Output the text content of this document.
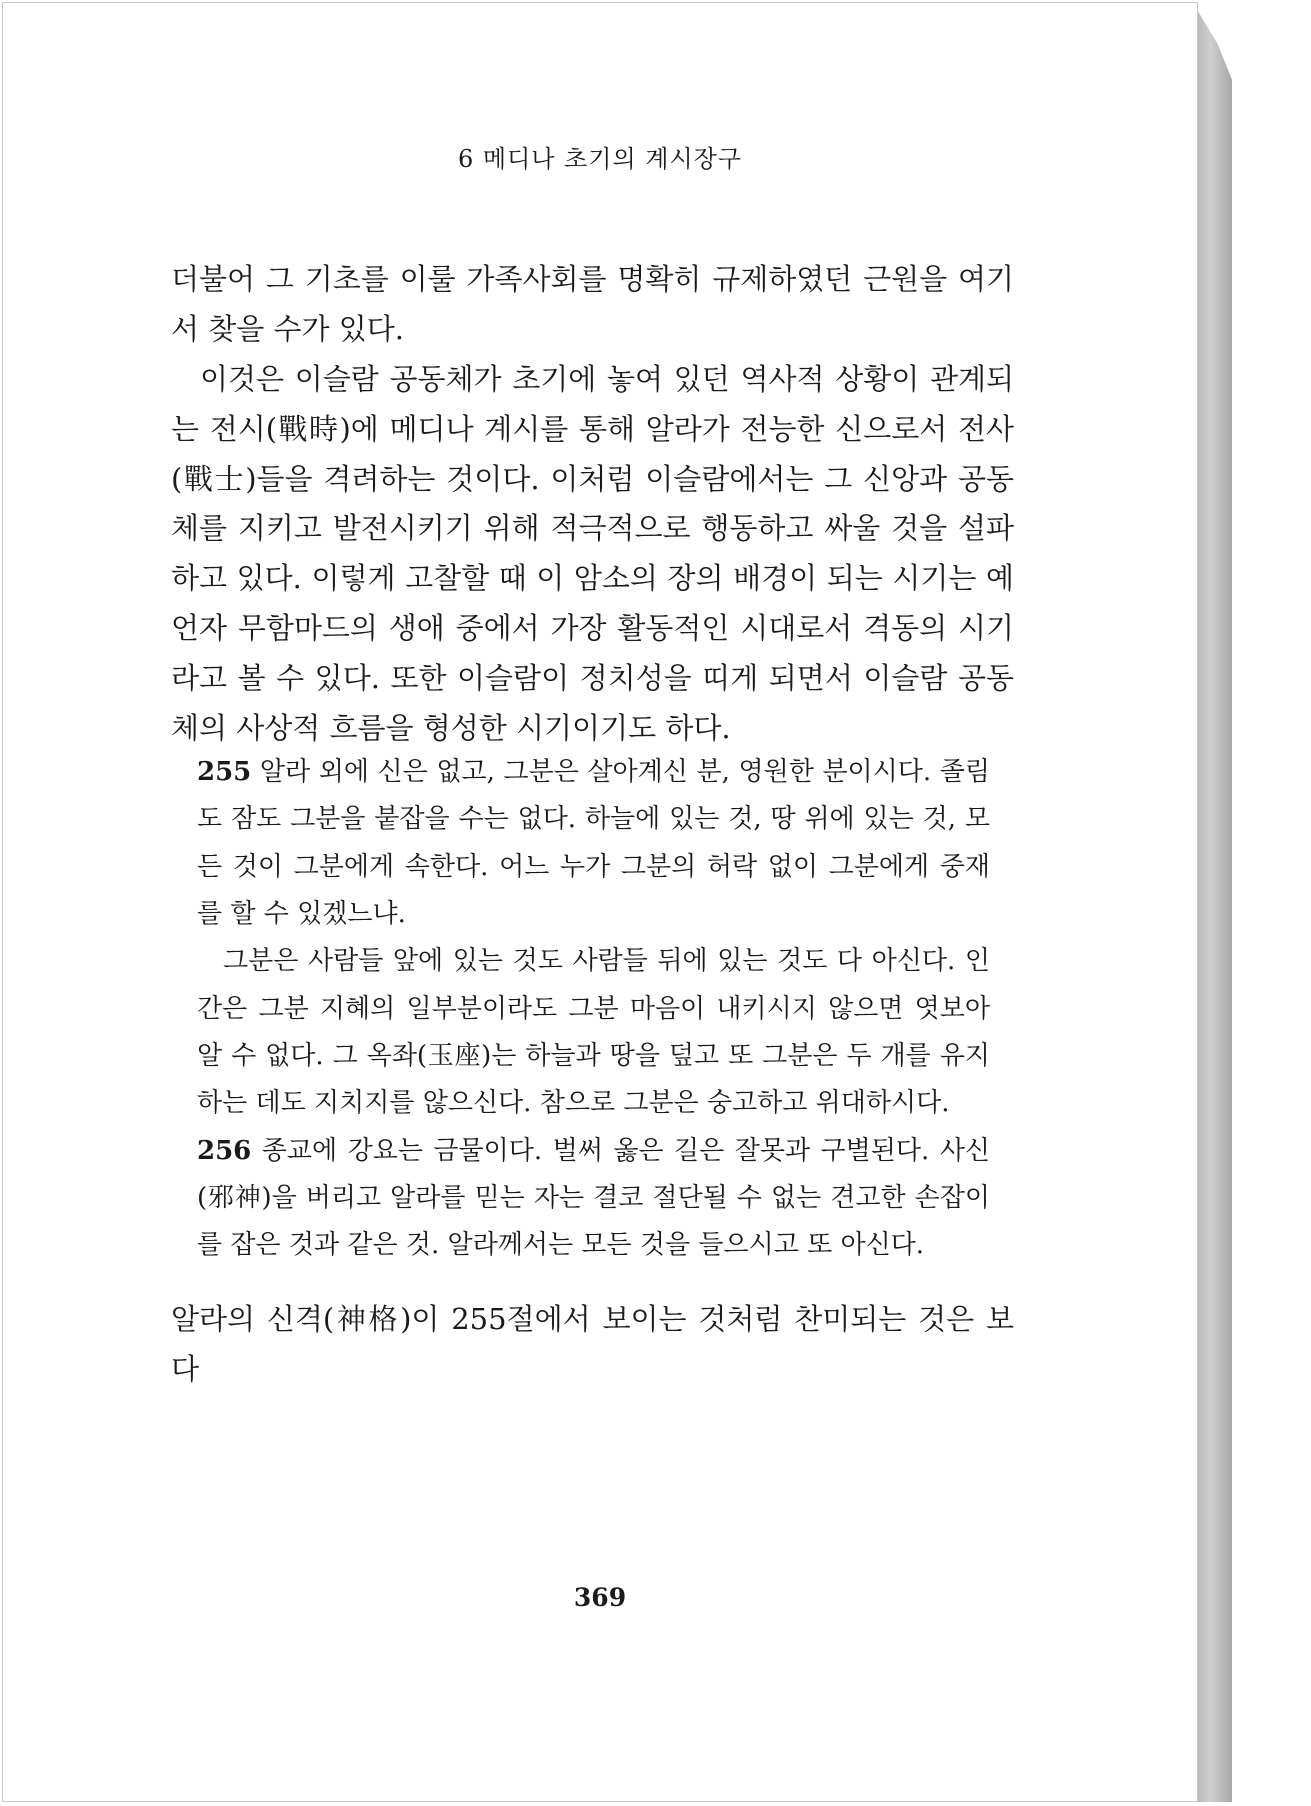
6 메디나 초기의 계시장구

더불어 그 기초를 이룰 가족사회를 명확히 규제하였던 근원을 여기서 찾을 수가 있다.

이것은 이슬람 공동체가 초기에 놓여 있던 역사적 상황이 관계되는 전시(戰時)에 메디나 계시를 통해 알라가 전능한 신으로서 전사(戰士)들을 격려하는 것이다. 이처럼 이슬람에서는 그 신앙과 공동체를 지키고 발전시키기 위해 적극적으로 행동하고 싸울 것을 설파하고 있다. 이렇게 고찰할 때 이 암소의 장의 배경이 되는 시기는 예언자 무함마드의 생애 중에서 가장 활동적인 시대로서 격동의 시기라고 볼 수 있다. 또한 이슬람이 정치성을 띠게 되면서 이슬람 공동체의 사상적 흐름을 형성한 시기이기도 하다.

255 알라 외에 신은 없고, 그분은 살아계신 분, 영원한 분이시다. 졸림도 잠도 그분을 붙잡을 수는 없다. 하늘에 있는 것, 땅 위에 있는 것, 모든 것이 그분에게 속한다. 어느 누가 그분의 허락 없이 그분에게 중재를 할 수 있겠느냐.

그분은 사람들 앞에 있는 것도 사람들 뒤에 있는 것도 다 아신다. 인간은 그분 지혜의 일부분이라도 그분 마음이 내키시지 않으면 엿보아 알 수 없다. 그 옥좌(玉座)는 하늘과 땅을 덮고 또 그분은 두 개를 유지하는 데도 지치지를 않으신다. 참으로 그분은 숭고하고 위대하시다.

256 종교에 강요는 금물이다. 벌써 옳은 길은 잘못과 구별된다. 사신(邪神)을 버리고 알라를 믿는 자는 결코 절단될 수 없는 견고한 손잡이를 잡은 것과 같은 것. 알라께서는 모든 것을 들으시고 또 아신다.

알라의 신격(神格)이 255절에서 보이는 것처럼 찬미되는 것은 보다

369
